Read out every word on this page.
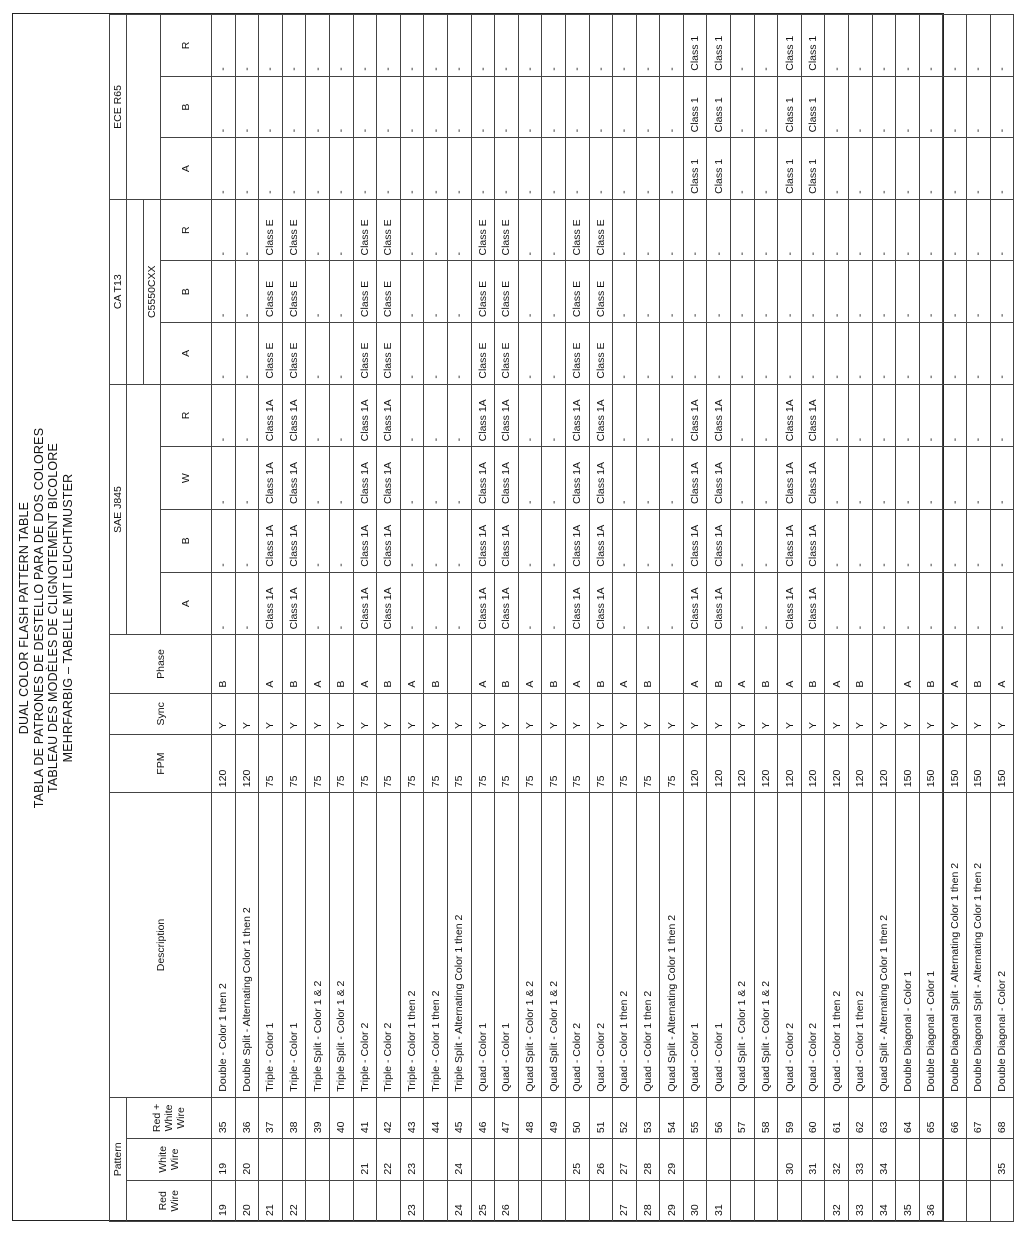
DUAL COLOR FLASH PATTERN TABLE TABLA DE PATRONES DE DESTELLO PARA DE DOS COLORES TABLEAU DES MODÈLES DE CLIGNOTEMENT BICOLORE MEHRFARBIG – TABELLE MIT LEUCHTMUSTER
Pattern			Description	FPM	Sync	Phase	SAE J845				CA T13			ECE R65		
Red Wire	White Wire	Red + White Wire														
											C5550CXX					
							A	B	W	R	A	B	R	A	B	R
19	19	35	Double - Color 1 then 2	120	Y	B	-	-	-	-	-	-	-	-	-	-
20	20	36	Double Split - Alternating Color 1 then 2	120	Y		-	-	-	-	-	-	-	-	-	-
21		37	Triple - Color 1	75	Y	A	Class 1A	Class 1A	Class 1A	Class 1A	Class E	Class E	Class E	-	-	-
22		38	Triple - Color 1	75	Y	B	Class 1A	Class 1A	Class 1A	Class 1A	Class E	Class E	Class E	-	-	-
		39	Triple Split - Color 1 & 2	75	Y	A	-	-	-	-	-	-	-	-	-	-
		40	Triple Split - Color 1 & 2	75	Y	B	-	-	-	-	-	-	-	-	-	-
	21	41	Triple - Color 2	75	Y	A	Class 1A	Class 1A	Class 1A	Class 1A	Class E	Class E	Class E	-	-	-
	22	42	Triple - Color 2	75	Y	B	Class 1A	Class 1A	Class 1A	Class 1A	Class E	Class E	Class E	-	-	-
23	23	43	Triple - Color 1 then 2	75	Y	A	-	-	-	-	-	-	-	-	-	-
		44	Triple - Color 1 then 2	75	Y	B	-	-	-	-	-	-	-	-	-	-
24	24	45	Triple Split - Alternating Color 1 then 2	75	Y		-	-	-	-	-	-	-	-	-	-
25		46	Quad - Color 1	75	Y	A	Class 1A	Class 1A	Class 1A	Class 1A	Class E	Class E	Class E	-	-	-
26		47	Quad - Color 1	75	Y	B	Class 1A	Class 1A	Class 1A	Class 1A	Class E	Class E	Class E	-	-	-
		48	Quad Split - Color 1 & 2	75	Y	A	-	-	-	-	-	-	-	-	-	-
		49	Quad Split - Color 1 & 2	75	Y	B	-	-	-	-	-	-	-	-	-	-
	25	50	Quad - Color 2	75	Y	A	Class 1A	Class 1A	Class 1A	Class 1A	Class E	Class E	Class E	-	-	-
	26	51	Quad - Color 2	75	Y	B	Class 1A	Class 1A	Class 1A	Class 1A	Class E	Class E	Class E	-	-	-
27	27	52	Quad - Color 1 then 2	75	Y	A	-	-	-	-	-	-	-	-	-	-
28	28	53	Quad - Color 1 then 2	75	Y	B	-	-	-	-	-	-	-	-	-	-
29	29	54	Quad Split - Alternating Color 1 then 2	75	Y		-	-	-	-	-	-	-	-	-	-
30		55	Quad - Color 1	120	Y	A	Class 1A	Class 1A	Class 1A	Class 1A	-	-	-	Class 1	Class 1	Class 1
31		56	Quad - Color 1	120	Y	B	Class 1A	Class 1A	Class 1A	Class 1A	-	-	-	Class 1	Class 1	Class 1
		57	Quad Split - Color 1 & 2	120	Y	A	-	-	-	-	-	-	-	-	-	-
		58	Quad Split - Color 1 & 2	120	Y	B	-	-	-	-	-	-	-	-	-	-
	30	59	Quad - Color 2	120	Y	A	Class 1A	Class 1A	Class 1A	Class 1A	-	-	-	Class 1	Class 1	Class 1
	31	60	Quad - Color 2	120	Y	B	Class 1A	Class 1A	Class 1A	Class 1A	-	-	-	Class 1	Class 1	Class 1
32	32	61	Quad - Color 1 then 2	120	Y	A	-	-	-	-	-	-	-	-	-	-
33	33	62	Quad - Color 1 then 2	120	Y	B	-	-	-	-	-	-	-	-	-	-
34	34	63	Quad Split - Alternating Color 1 then 2	120	Y		-	-	-	-	-	-	-	-	-	-
35		64	Double Diagonal - Color 1	150	Y	A	-	-	-	-	-	-	-	-	-	-
36		65	Double Diagonal - Color 1	150	Y	B	-	-	-	-	-	-	-	-	-	-
		66	Double Diagonal Split - Alternating Color 1 then 2	150	Y	A	-	-	-	-	-	-	-	-	-	-
		67	Double Diagonal Split - Alternating Color 1 then 2	150	Y	B	-	-	-	-	-	-	-	-	-	-
	35	68	Double Diagonal - Color 2	150	Y	A	-	-	-	-	-	-	-	-	-	-
